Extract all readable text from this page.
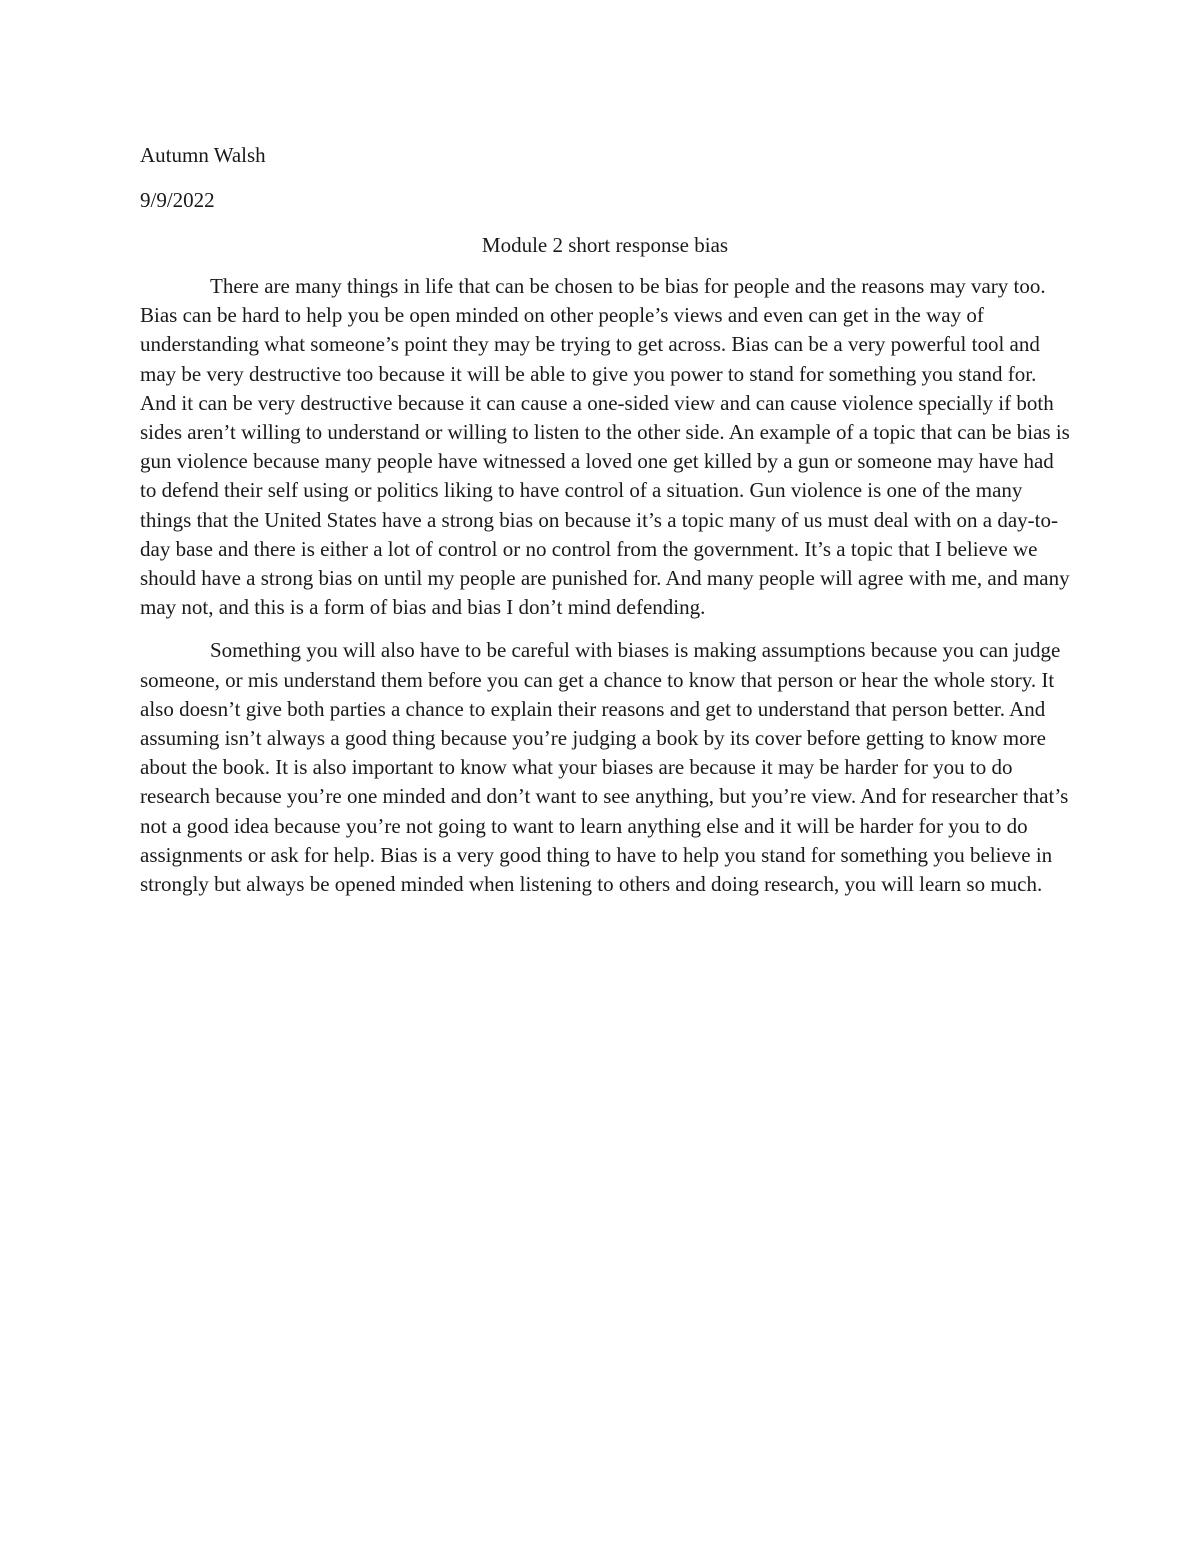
Autumn Walsh

9/9/2022

Module 2 short response bias

There are many things in life that can be chosen to be bias for people and the reasons may vary too. Bias can be hard to help you be open minded on other people’s views and even can get in the way of understanding what someone’s point they may be trying to get across. Bias can be a very powerful tool and may be very destructive too because it will be able to give you power to stand for something you stand for. And it can be very destructive because it can cause a one-sided view and can cause violence specially if both sides aren’t willing to understand or willing to listen to the other side. An example of a topic that can be bias is gun violence because many people have witnessed a loved one get killed by a gun or someone may have had to defend their self using or politics liking to have control of a situation. Gun violence is one of the many things that the United States have a strong bias on because it’s a topic many of us must deal with on a day-to-day base and there is either a lot of control or no control from the government. It’s a topic that I believe we should have a strong bias on until my people are punished for. And many people will agree with me, and many may not, and this is a form of bias and bias I don’t mind defending.

Something you will also have to be careful with biases is making assumptions because you can judge someone, or mis understand them before you can get a chance to know that person or hear the whole story. It also doesn’t give both parties a chance to explain their reasons and get to understand that person better. And assuming isn’t always a good thing because you’re judging a book by its cover before getting to know more about the book. It is also important to know what your biases are because it may be harder for you to do research because you’re one minded and don’t want to see anything, but you’re view. And for researcher that’s not a good idea because you’re not going to want to learn anything else and it will be harder for you to do assignments or ask for help. Bias is a very good thing to have to help you stand for something you believe in strongly but always be opened minded when listening to others and doing research, you will learn so much.
